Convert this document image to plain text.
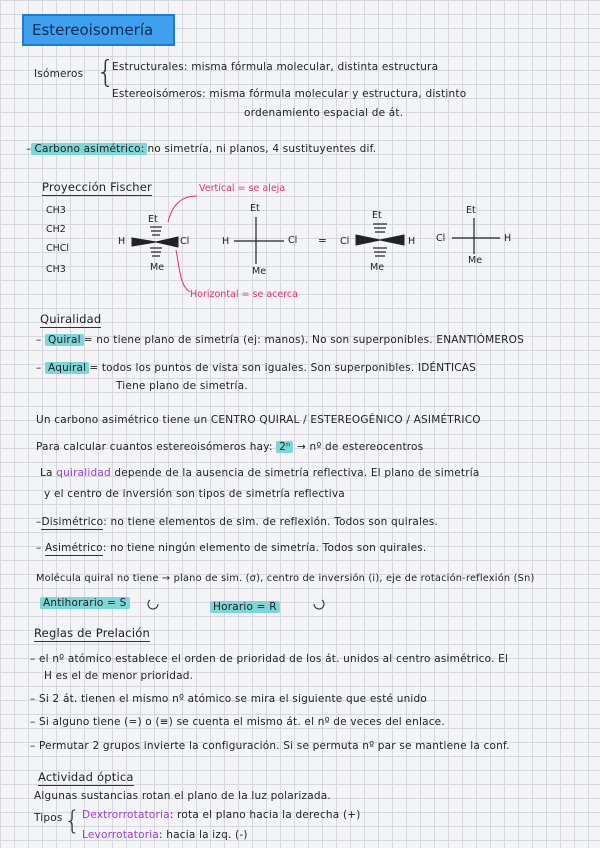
Estereoisomería
Isómeros {
Estructurales: misma fórmula molecular, distinta estructura
Estereoisómeros: misma fórmula molecular y estructura, distinto
ordenamiento espacial de át.
– Carbono asimétrico: no simetría, ni planos, 4 sustituyentes dif.
Proyección Fischer	Vertical = se aleja
Horizontal = se acerca
CH3
CH2
CHCl
CH3
Et
H	Cl
Me
Et
H	Cl
Me
=
Et
Cl	H
Me
Et
Cl	H
Me
Quiralidad
– Quiral = no tiene plano de simetría (ej: manos). No son superponibles. ENANTIÓMEROS
– Aquiral = todos los puntos de vista son iguales. Son superponibles. IDÉNTICAS
Tiene plano de simetría.
Un carbono asimétrico tiene un CENTRO QUIRAL / ESTEREOGÉNICO / ASIMÉTRICO
Para calcular cuantos estereoisómeros hay: 2ⁿ → nº de estereocentros
La quiralidad depende de la ausencia de simetría reflectiva. El plano de simetría
y el centro de inversión son tipos de simetría reflectiva
–Disimétrico: no tiene elementos de sim. de reflexión. Todos son quirales.
– Asimétrico: no tiene ningún elemento de simetría. Todos son quirales.
Molécula quiral no tiene → plano de sim. (σ), centro de inversión (i), eje de rotación-reflexión (Sn)
Antihorario = S	Horario = R
Reglas de Prelación
– el nº atómico establece el orden de prioridad de los át. unidos al centro asimétrico. El
H es el de menor prioridad.
– Si 2 át. tienen el mismo nº atómico se mira el siguiente que esté unido
– Si alguno tiene (=) o (≡) se cuenta el mismo át. el nº de veces del enlace.
– Permutar 2 grupos invierte la configuración. Si se permuta nº par se mantiene la conf.
Actividad óptica
Algunas sustancias rotan el plano de la luz polarizada.
Tipos { Dextrorrotatoria: rota el plano hacia la derecha (+)
Levorrotatoria: hacia la izq. (-)
